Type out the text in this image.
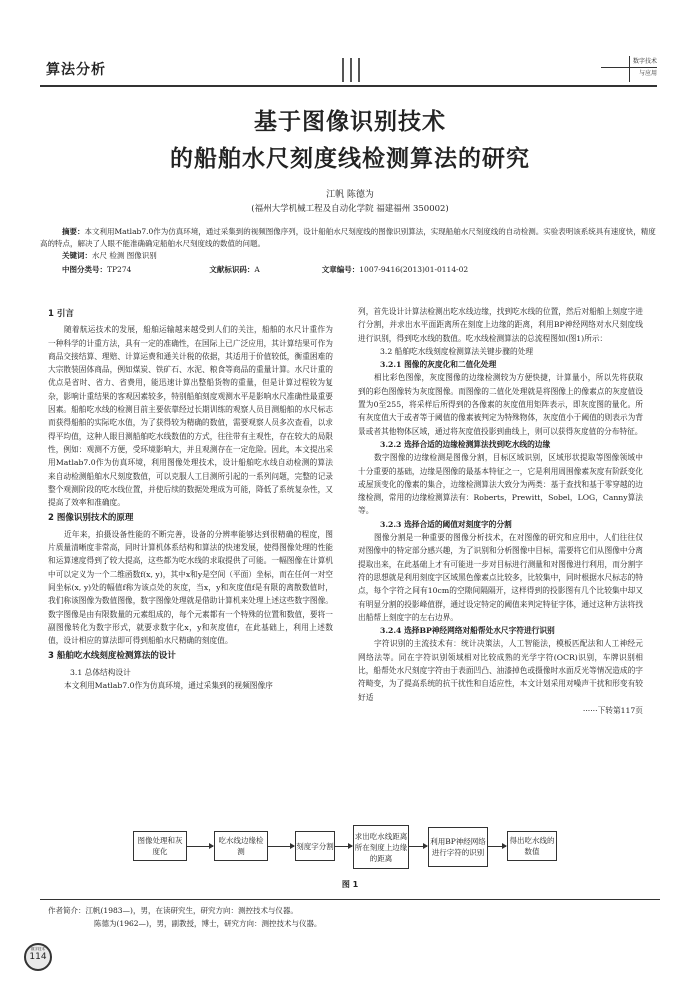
算法分析
数字技术
与应用
基于图像识别技术
的船舶水尺刻度线检测算法的研究
江帆 陈德为
(福州大学机械工程及自动化学院 福建福州 350002)
摘要：本文利用Matlab7.0作为仿真环境，通过采集到的视频图像序列，设计船舶水尺刻度线的图像识别算法，实现船舶水尺刻度线的自动检测。实验表明该系统具有速度快，精度高的特点，解决了人眼不能准确确定船舶水尺刻度线的数值的问题。
关键词：水尺 检测 图像识别
中图分类号：TP274	文献标识码：A	文章编号：1007-9416(2013)01-0114-02

1 引言

随着航运技术的发展，船舶运输越来越受到人们的关注，船舶的水尺计重作为一种科学的计重方法，具有一定的准确性，在国际上已广泛应用，其计算结果可作为商品交接结算、理赔、计算运费和通关计税的依据，其适用于价值较低，衡重困难的大宗散装固体商品，例如煤炭、铁矿石、水泥、粮食等商品的重量计算。水尺计重的优点是省时、省力、省费用，能迅速计算出整船货物的重量，但是计算过程较为复杂，影响计重结果的客观因素较多，特别船舶刻度观测水平是影响水尺准确性最重要因素。船舶吃水线的检测目前主要依靠经过长期训练的观察人员目测船舶的水尺标志而获得船舶的实际吃水值，为了获得较为精确的数值，需要观察人员多次查看，以求得平均值，这种人眼目测船舶吃水线数值的方式，往往带有主观性，存在较大的局限性，例如：观测不方便，受环境影响大，并且观测存在一定危险。因此，本文提出采用Matlab7.0作为仿真环境，利用图像处理技术，设计船舶吃水线自动检测的算法来自动检测船舶水尺刻度数值，可以克服人工目测所引起的一系列问题，完整的记录整个观测阶段的吃水线位置，并使后续的数据处理成为可能，降低了系统复杂性，又提高了效率和准确度。

2 图像识别技术的原理

近年来，拍摄设备性能的不断完善，设备的分辨率能够达到很精确的程度，图片质量清晰度非常高，同时计算机体系结构和算法的快速发展，使得图像处理的性能和运算速度得到了较大提高，这些都为吃水线的求取提供了可能。一幅图像在计算机中可以定义为一个二维函数f(x, y)，其中x和y是空间（平面）坐标，而在任何一对空间坐标(x, y)处的幅值f称为该点处的灰度，当x，y和灰度值f是有限的离散数值时，我们称该图像为数值图像，数字图像处理就是借助计算机来处理上述这些数字图像。数字图像是由有限数量的元素组成的，每个元素都有一个特殊的位置和数值，要将一副图像转化为数字形式，就要求数字化x，y和灰度值f，在此基础上，利用上述数值，设计相应的算法即可得到船舶水尺精确的刻度值。

3 船舶吃水线刻度检测算法的设计

3.1 总体结构设计

本文利用Matlab7.0作为仿真环境，通过采集到的视频图像序

列，首先设计计算法检测出吃水线边缘，找到吃水线的位置，然后对船舶上刻度字进行分割，并求出水平面距离所在刻度上边缘的距离，利用BP神经网络对水尺刻度线进行识别，得到吃水线的数值。吃水线检测算法的总流程图如(图1)所示：

3.2 船舶吃水线刻度检测算法关键步骤的处理

3.2.1 图像的灰度化和二值化处理

相比彩色图像，灰度图像的边缘检测较为方便快捷，计算量小，所以先将获取到的彩色图像转为灰度图像。而图像的二值化处理就是将图像上的像素点的灰度值设置为0至255，将采样后所得到的各像素的灰度值用矩阵表示，即灰度图的量化。所有灰度值大于或者等于阈值的像素被判定为特殊物体，灰度值小于阈值的则表示为背景或者其他物体区域，通过将灰度值投影到曲线上，则可以获得灰度值的分布特征。

3.2.2 选择合适的边缘检测算法找到吃水线的边缘

数字图像的边缘检测是图像分割，目标区域识别，区域形状提取等图像领域中十分重要的基础，边缘是图像的最基本特征之一，它是利用周围像素灰度有阶跃变化或屋顶变化的像素的集合，边缘检测算法大致分为两类：基于查找和基于零穿越的边缘检测，常用的边缘检测算法有：Roberts，Prewitt，Sobel，LOG，Canny算法等。

3.2.3 选择合适的阈值对刻度字的分割

图像分割是一种重要的图像分析技术，在对图像的研究和应用中，人们往往仅对图像中的特定部分感兴趣，为了识别和分析图像中目标，需要将它们从图像中分离提取出来，在此基础上才有可能进一步对目标进行测量和对图像进行利用，而分割字符的思想就是利用刻度字区域黑色像素点比较多，比较集中，同时根据水尺标志的特点，每个字符之间有10cm的空隙间隔隔开，这样得到的投影图有几个比较集中却又有明显分割的投影峰值群，通过设定特定的阈值来判定特征字体，通过这种方法将找出船帮上刻度字的左右边界。

3.2.4 选择BP神经网络对船帮处水尺字符进行识别

字符识别的主流技术有：统计决策法，人工智能法，模板匹配法和人工神经元网络法等。同在字符识别领域相对比较成熟的光学字符(OCR)识别，车牌识别相比，船帮处水尺刻度字符由于表面凹凸、油漆掉色或摄像时水面反光等情况造成的字符畸变，为了提高系统的抗干扰性和自适应性，本文计划采用对噪声干扰和形变有较好适

······下转第117页

图像处理和灰度化
吃水线边缘检测
刻度字分割
求出吃水线距离所在刻度上边缘的距离
利用BP神经网络进行字符的识别
得出吃水线的数值
图 1
作者简介：江帆(1983—)，男，在读研究生，研究方向：测控技术与仪器。
陈德为(1962—)，男，副教授，博士，研究方向：测控技术与仪器。
数字技术
114
